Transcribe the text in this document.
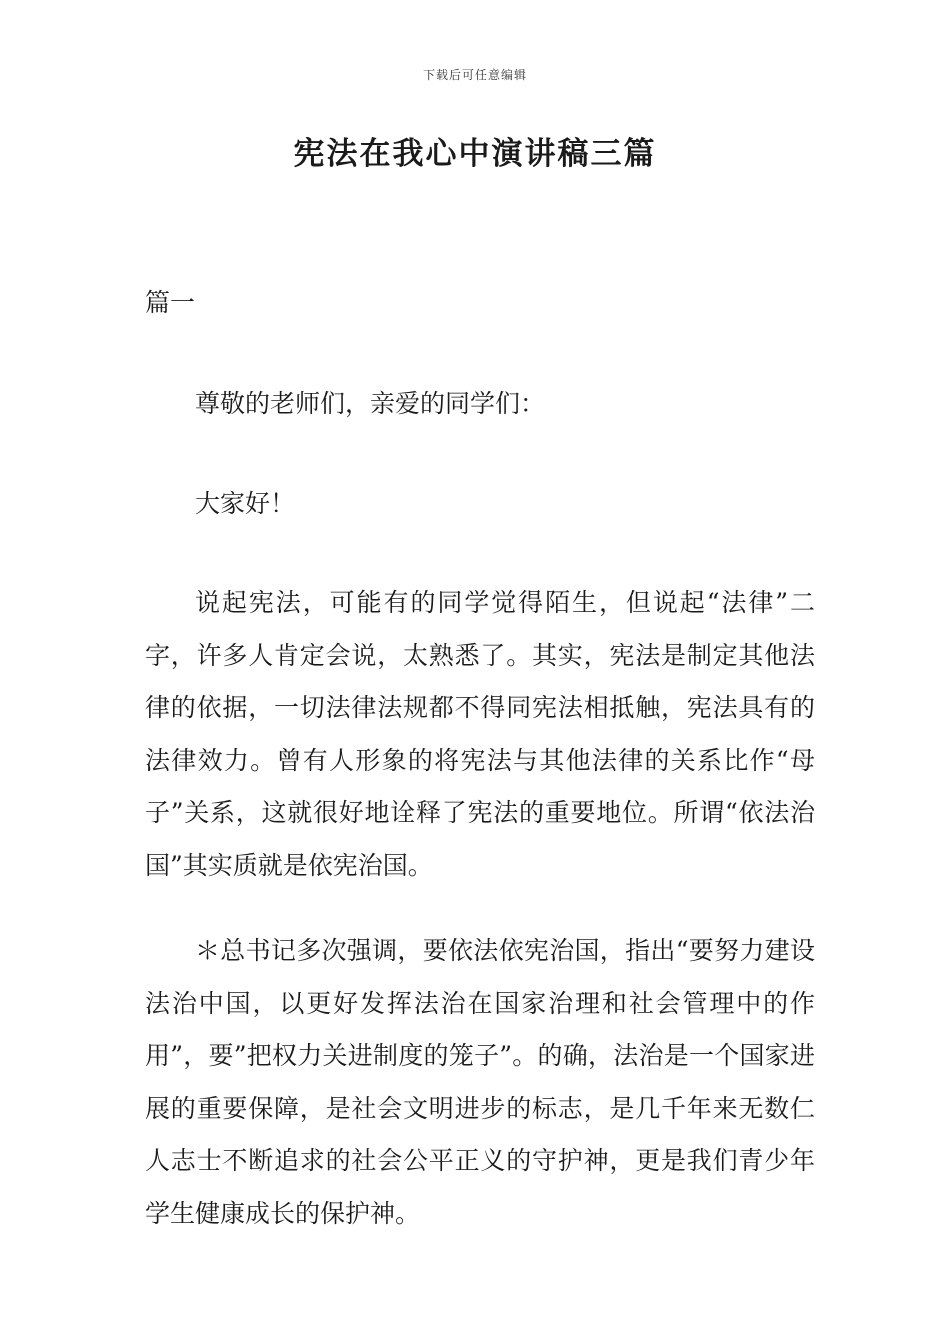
下载后可任意编辑
宪法在我心中演讲稿三篇
篇一

尊敬的老师们，亲爱的同学们：

大家好！

说起宪法，可能有的同学觉得陌生，但说起“法律”二字，许多人肯定会说，太熟悉了。其实，宪法是制定其他法律的依据，一切法律法规都不得同宪法相抵触，宪法具有的法律效力。曾有人形象的将宪法与其他法律的关系比作“母子”关系，这就很好地诠释了宪法的重要地位。所谓“依法治国”其实质就是依宪治国。

＊总书记多次强调，要依法依宪治国，指出“要努力建设法治中国，以更好发挥法治在国家治理和社会管理中的作用”，要”把权力关进制度的笼子”。的确，法治是一个国家进展的重要保障，是社会文明进步的标志，是几千年来无数仁人志士不断追求的社会公平正义的守护神，更是我们青少年学生健康成长的保护神。
